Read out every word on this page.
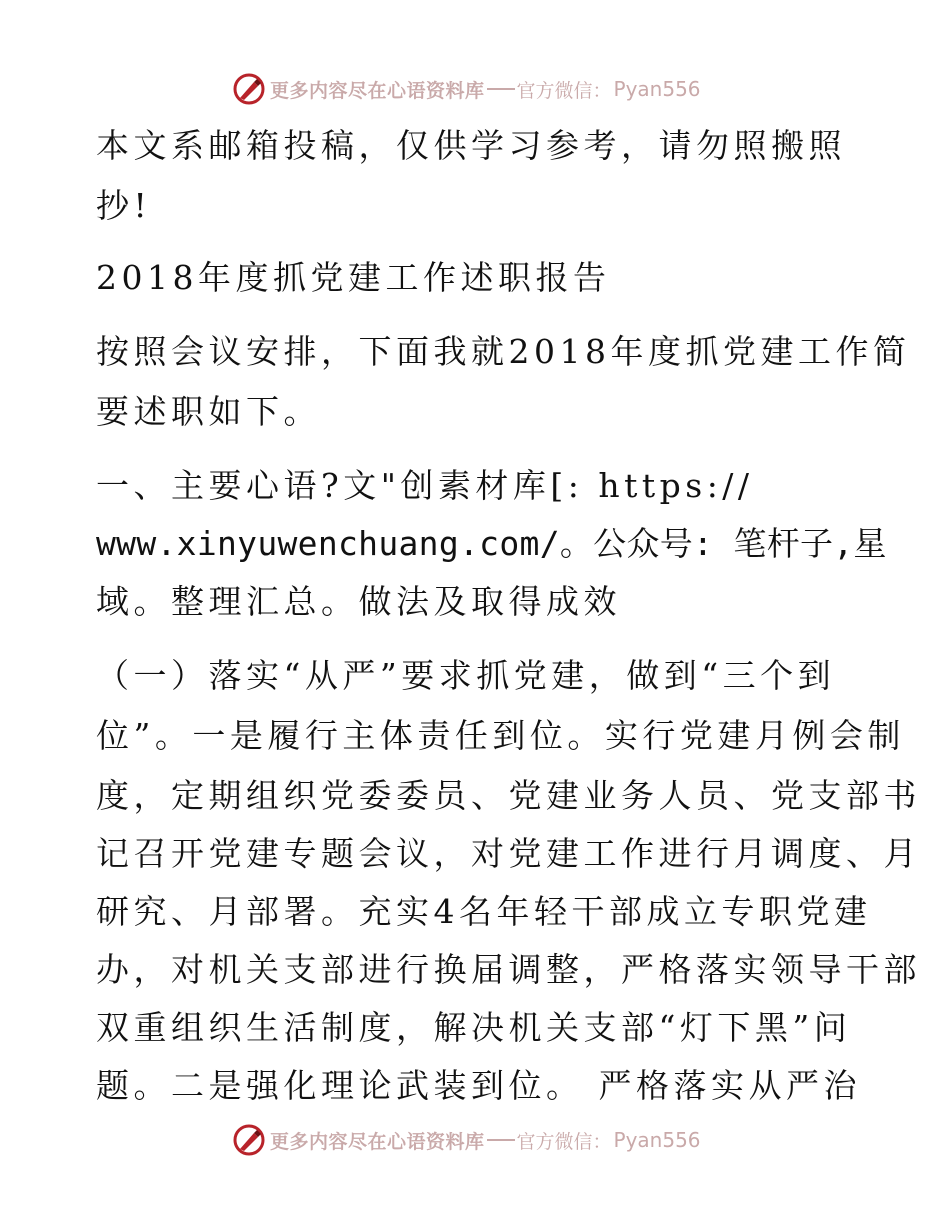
更多内容尽在心语资料库 官方微信： Pyan556
本文系邮箱投稿，仅供学习参考，请勿照搬照
抄!
2018年度抓党建工作述职报告
按照会议安排，下面我就2018年度抓党建工作简
要述职如下。
一、主要心语?文"创素材库[: https://
www.xinyuwenchuang.com/。公众号: 笔杆子,星
域。整理汇总。做法及取得成效
（一）落实“从严”要求抓党建，做到“三个到
位”。一是履行主体责任到位。实行党建月例会制
度，定期组织党委委员、党建业务人员、党支部书
记召开党建专题会议，对党建工作进行月调度、月
研究、月部署。充实4名年轻干部成立专职党建
办，对机关支部进行换届调整，严格落实领导干部
双重组织生活制度，解决机关支部“灯下黑”问
题。二是强化理论武装到位。 严格落实从严治
更多内容尽在心语资料库 官方微信： Pyan556
